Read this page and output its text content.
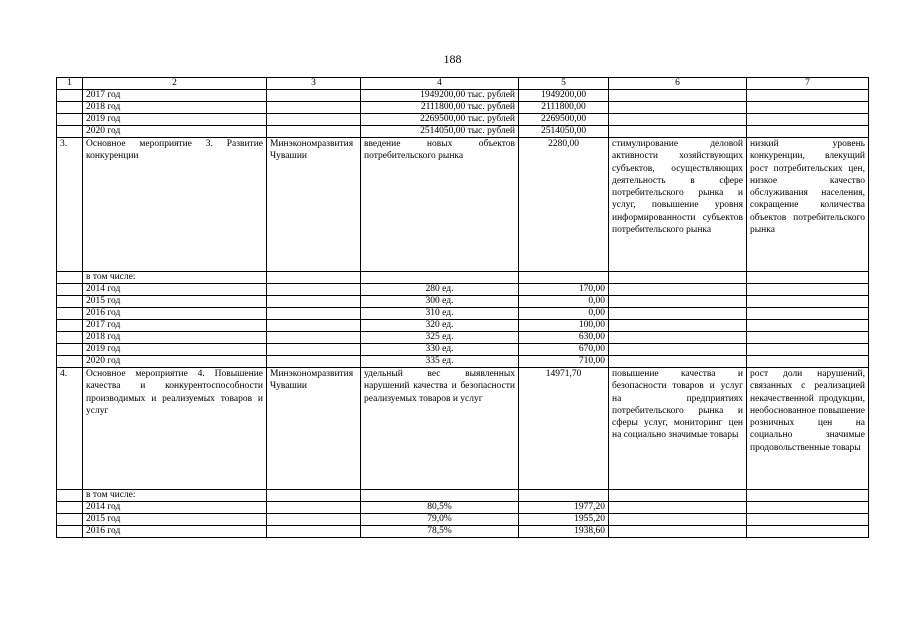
188
1	2	3	4	5	6	7
	2017 год		1949200,00 тыс. рублей	1949200,00		
	2018 год		2111800,00 тыс. рублей	2111800,00		
	2019 год		2269500,00 тыс. рублей	2269500,00		
	2020 год		2514050,00 тыс. рублей	2514050,00		
3.	Основное мероприятие 3. Развитие конкуренции	Минэкономразвития Чувашии	введение новых объектов потребительского рынка	2280,00	стимулирование деловой активности хозяйствующих субъектов, осуществляющих деятельность в сфере потребительского рынка и услуг, повышение уровня информированности субъектов потребительского рынка	низкий уровень конкуренции, влекущий рост потребительских цен, низкое качество обслуживания населения, сокращение количества объектов потребительского рынка
	в том числе:					
	2014 год		280 ед.	170,00		
	2015 год		300 ед.	0,00		
	2016 год		310 ед.	0,00		
	2017 год		320 ед.	100,00		
	2018 год		325 ед.	630,00		
	2019 год		330 ед.	670,00		
	2020 год		335 ед.	710,00		
4.	Основное мероприятие 4. Повышение качества и конкурентоспособности производимых и реализуемых товаров и услуг	Минэкономразвития Чувашии	удельный вес выявленных нарушений качества и безопасности реализуемых товаров и услуг	14971,70	повышение качества и безопасности товаров и услуг на предприятиях потребительского рынка и сферы услуг, мониторинг цен на социально значимые товары	рост доли нарушений, связанных с реализацией некачественной продукции, необоснованное повышение розничных цен на социально значимые продовольственные товары
	в том числе:					
	2014 год		80,5%	1977,20		
	2015 год		79,0%	1955,20		
	2016 год		78,5%	1938,60		
